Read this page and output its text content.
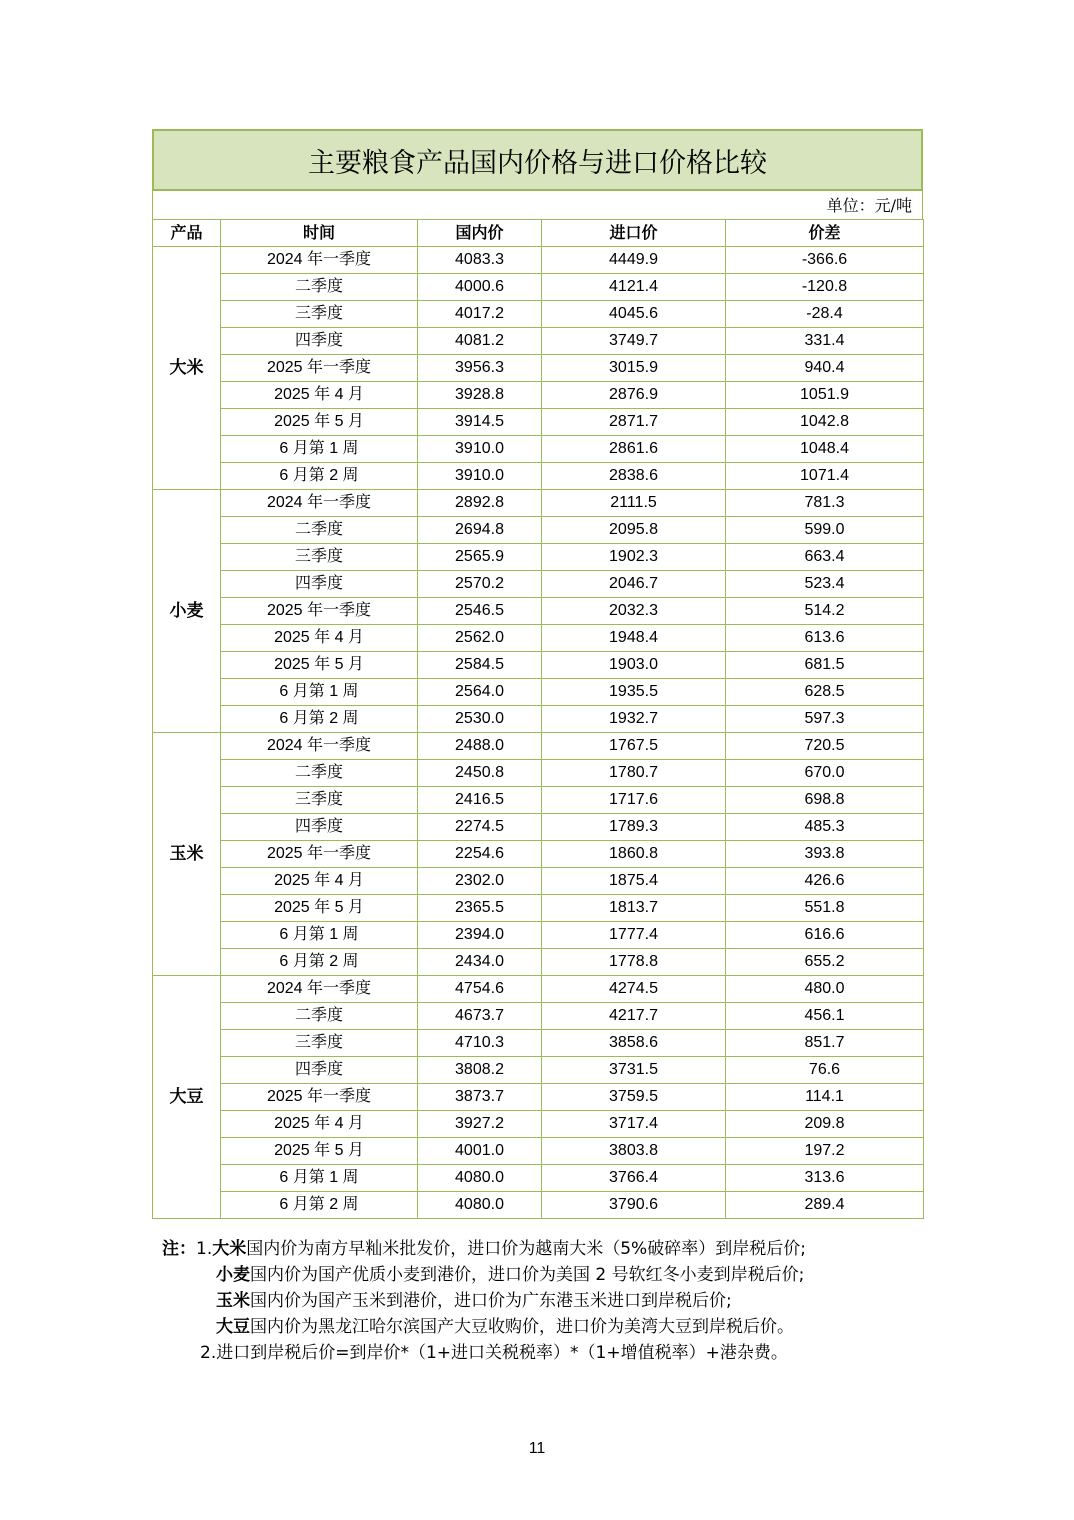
主要粮食产品国内价格与进口价格比较
单位：元/吨
产品	时间	国内价	进口价	价差
大米	2024 年一季度	4083.3	4449.9	-366.6
	二季度	4000.6	4121.4	-120.8
	三季度	4017.2	4045.6	-28.4
	四季度	4081.2	3749.7	331.4
	2025 年一季度	3956.3	3015.9	940.4
	2025 年 4 月	3928.8	2876.9	1051.9
	2025 年 5 月	3914.5	2871.7	1042.8
	6 月第 1 周	3910.0	2861.6	1048.4
	6 月第 2 周	3910.0	2838.6	1071.4
小麦	2024 年一季度	2892.8	2111.5	781.3
	二季度	2694.8	2095.8	599.0
	三季度	2565.9	1902.3	663.4
	四季度	2570.2	2046.7	523.4
	2025 年一季度	2546.5	2032.3	514.2
	2025 年 4 月	2562.0	1948.4	613.6
	2025 年 5 月	2584.5	1903.0	681.5
	6 月第 1 周	2564.0	1935.5	628.5
	6 月第 2 周	2530.0	1932.7	597.3
玉米	2024 年一季度	2488.0	1767.5	720.5
	二季度	2450.8	1780.7	670.0
	三季度	2416.5	1717.6	698.8
	四季度	2274.5	1789.3	485.3
	2025 年一季度	2254.6	1860.8	393.8
	2025 年 4 月	2302.0	1875.4	426.6
	2025 年 5 月	2365.5	1813.7	551.8
	6 月第 1 周	2394.0	1777.4	616.6
	6 月第 2 周	2434.0	1778.8	655.2
大豆	2024 年一季度	4754.6	4274.5	480.0
	二季度	4673.7	4217.7	456.1
	三季度	4710.3	3858.6	851.7
	四季度	3808.2	3731.5	76.6
	2025 年一季度	3873.7	3759.5	114.1
	2025 年 4 月	3927.2	3717.4	209.8
	2025 年 5 月	4001.0	3803.8	197.2
	6 月第 1 周	4080.0	3766.4	313.6
	6 月第 2 周	4080.0	3790.6	289.4
注：1.大米国内价为南方早籼米批发价，进口价为越南大米（5%破碎率）到岸税后价;
小麦国内价为国产优质小麦到港价，进口价为美国 2 号软红冬小麦到岸税后价;
玉米国内价为国产玉米到港价，进口价为广东港玉米进口到岸税后价;
大豆国内价为黑龙江哈尔滨国产大豆收购价，进口价为美湾大豆到岸税后价。
2.进口到岸税后价=到岸价*（1+进口关税税率）*（1+增值税率）+港杂费。
11
